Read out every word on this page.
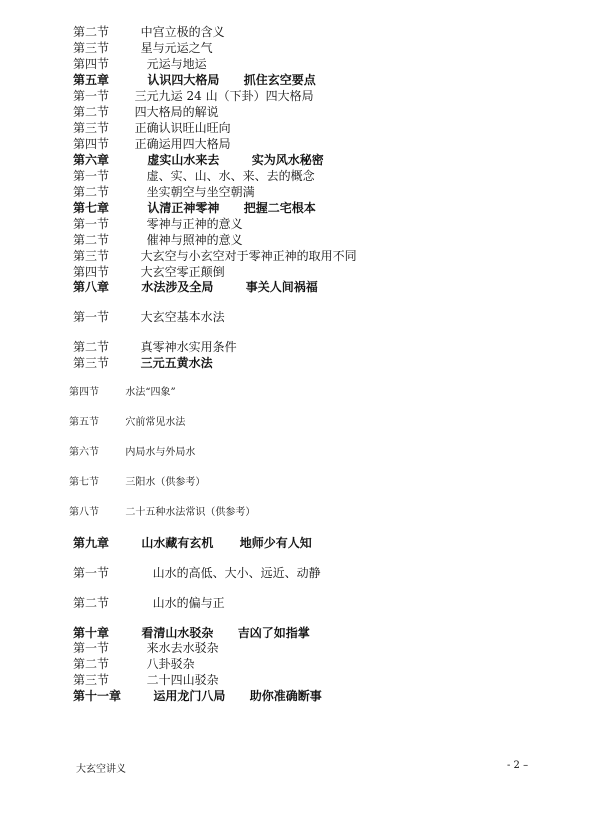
第二节	中宫立极的含义
第三节	星与元运之气
第四节	元运与地运
第五章	认识四大格局 抓住玄空要点
第一节 三元九运 24 山（下卦）四大格局
第二节 四大格局的解说
第三节 正确认识旺山旺向
第四节 正确运用四大格局
第六章	虚实山水来去	实为风水秘密
第一节	虚、实、山、水、来、去的概念
第二节	坐实朝空与坐空朝满
第七章	认清正神零神 把握二宅根本
第一节	零神与正神的意义
第二节	催神与照神的意义
第三节	大玄空与小玄空对于零神正神的取用不同
第四节	大玄空零正颠倒
第八章	水法涉及全局	事关人间祸福
第一节	大玄空基本水法
第二节	真零神水实用条件
第三节	三元五黄水法
第四节	水法“四象”
第五节	穴前常见水法
第六节	内局水与外局水
第七节	三阳水（供参考）
第八节	二十五种水法常识（供参考）
第九章	山水藏有玄机 地师少有人知
第一节	山水的高低、大小、远近、动静
第二节	山水的偏与正
第十章	看清山水驳杂 吉凶了如指掌
第一节	来水去水驳杂
第二节	八卦驳杂
第三节	二十四山驳杂
第十一章	运用龙门八局 助你准确断事
大玄空讲义	- 2 –
